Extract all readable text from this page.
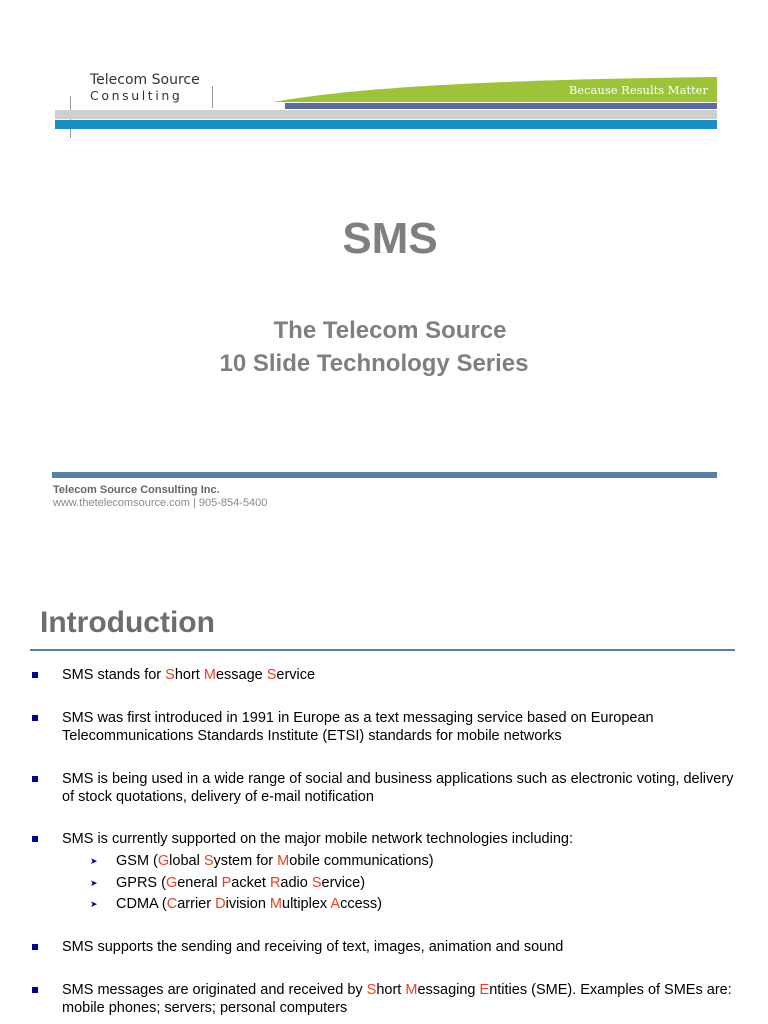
Telecom Source
Consulting	Because Results Matter
SMS
The Telecom Source
10 Slide Technology Series
Telecom Source Consulting Inc.
www.thetelecomsource.com | 905-854-5400
Introduction
SMS stands for Short Message Service
SMS was first introduced in 1991 in Europe as a text messaging service based on European Telecommunications Standards Institute (ETSI) standards for mobile networks
SMS is being used in a wide range of social and business applications such as electronic voting, delivery of stock quotations, delivery of e-mail notification
SMS is currently supported on the major mobile network technologies including:
➤ GSM (Global System for Mobile communications)
➤ GPRS (General Packet Radio Service)
➤ CDMA (Carrier Division Multiplex Access)
SMS supports the sending and receiving of text, images, animation and sound
SMS messages are originated and received by Short Messaging Entities (SME). Examples of SMEs are: mobile phones; servers; personal computers
